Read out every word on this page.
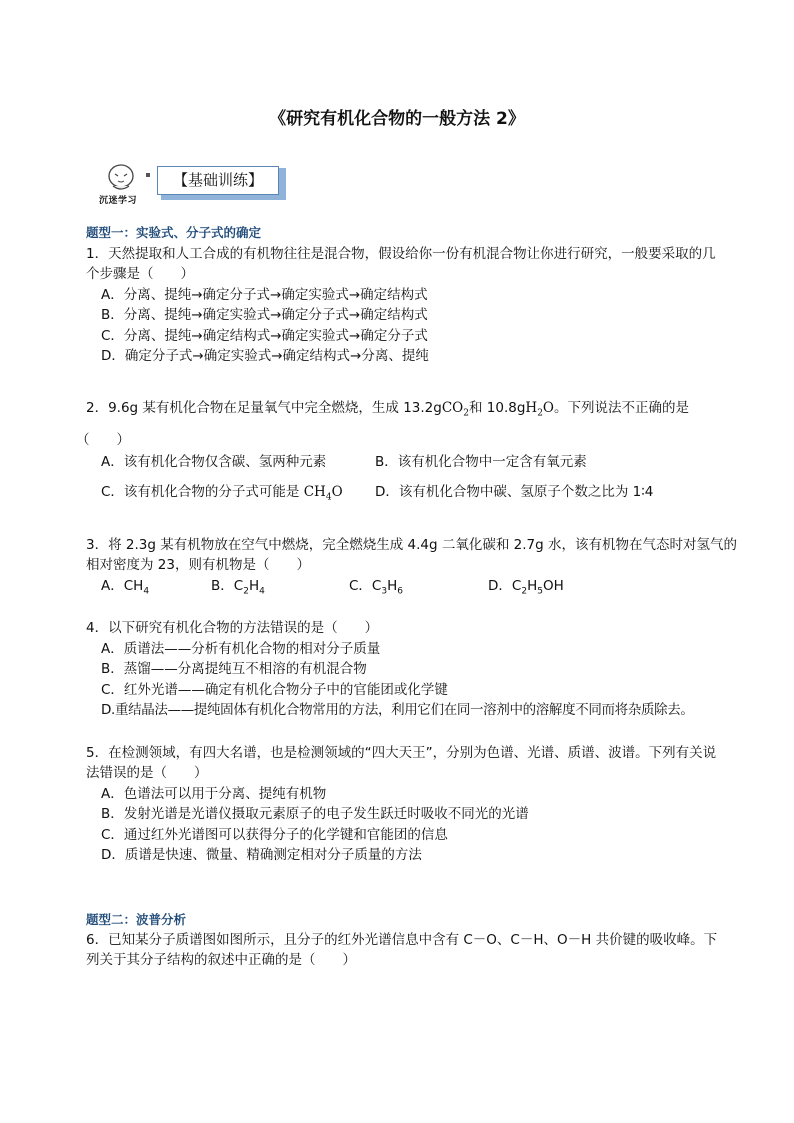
《研究有机化合物的一般方法 2》
沉迷学习
【基础训练】
题型一：实验式、分子式的确定
1．天然提取和人工合成的有机物往往是混合物，假设给你一份有机混合物让你进行研究，一般要采取的几
个步骤是（　　）
A．分离、提纯→确定分子式→确定实验式→确定结构式
B．分离、提纯→确定实验式→确定分子式→确定结构式
C．分离、提纯→确定结构式→确定实验式→确定分子式
D．确定分子式→确定实验式→确定结构式→分离、提纯
2．9.6g 某有机化合物在足量氧气中完全燃烧，生成 13.2gCO$_2$和 $10.8gH_2O$。下列说法不正确的是
（　　）
A．该有机化合物仅含碳、氢两种元素	B．该有机化合物中一定含有氧元素
C．该有机化合物的分子式可能是 $CH_4O$ D．该有机化合物中碳、氢原子个数之比为 1∶4
3．将 2.3g 某有机物放在空气中燃烧，完全燃烧生成 4.4g 二氧化碳和 2.7g 水，该有机物在气态时对氢气的
相对密度为 23，则有机物是（　　）
A．$CH_4$	B．$C_2H_4$	C．$C_3H_6$	D．$C_2H_5OH$
4．以下研究有机化合物的方法错误的是（　　）
A．质谱法——分析有机化合物的相对分子质量
B．蒸馏——分离提纯互不相溶的有机混合物
C．红外光谱——确定有机化合物分子中的官能团或化学键
D.重结晶法——提纯固体有机化合物常用的方法，利用它们在同一溶剂中的溶解度不同而将杂质除去。
5．在检测领域，有四大名谱，也是检测领域的“四大天王”，分别为色谱、光谱、质谱、波谱。下列有关说
法错误的是（　　）
A．色谱法可以用于分离、提纯有机物
B．发射光谱是光谱仪摄取元素原子的电子发生跃迁时吸收不同光的光谱
C．通过红外光谱图可以获得分子的化学键和官能团的信息
D．质谱是快速、微量、精确测定相对分子质量的方法
题型二：波普分析
6．已知某分子质谱图如图所示，且分子的红外光谱信息中含有 C－O、C－H、O－H 共价键的吸收峰。下
列关于其分子结构的叙述中正确的是（　　）
